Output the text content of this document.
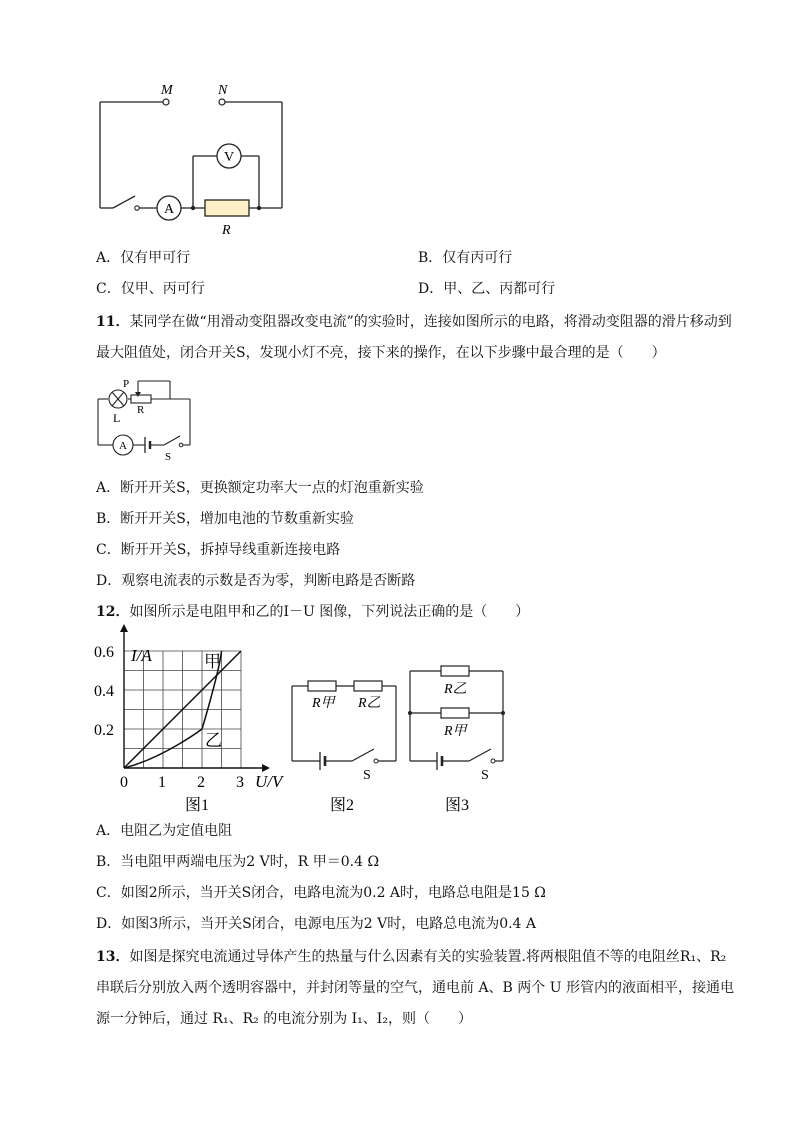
M	N
V
A
R
A．仅有甲可行	B．仅有丙可行
C．仅甲、丙可行	D．甲、乙、丙都可行
11．某同学在做“用滑动变阻器改变电流”的实验时，连接如图所示的电路，将滑动变阻器的滑片移动到
最大阻值处，闭合开关S，发现小灯不亮，接下来的操作，在以下步骤中最合理的是（　　）
P
R
L
A
S
A．断开开关S，更换额定功率大一点的灯泡重新实验
B．断开开关S，增加电池的节数重新实验
C．断开开关S，拆掉导线重新连接电路
D．观察电流表的示数是否为零，判断电路是否断路
12．如图所示是电阻甲和乙的I－U 图像，下列说法正确的是（　　）
0 1 2 3
0.2
0.4
0.6 I/A
U/V
甲
乙
图1
R甲 R乙
S
图2
R乙
R甲
S
图3
A．电阻乙为定值电阻
B．当电阻甲两端电压为2 V时，R 甲＝0.4 Ω
C．如图2所示，当开关S闭合，电路电流为0.2 A时，电路总电阻是15 Ω
D．如图3所示，当开关S闭合，电源电压为2 V时，电路总电流为0.4 A
13．如图是探究电流通过导体产生的热量与什么因素有关的实验装置.将两根阻值不等的电阻丝R₁、R₂
串联后分别放入两个透明容器中，并封闭等量的空气，通电前 A、B 两个 U 形管内的液面相平，接通电
源一分钟后，通过 R₁、R₂ 的电流分别为 I₁、I₂，则（　　）
